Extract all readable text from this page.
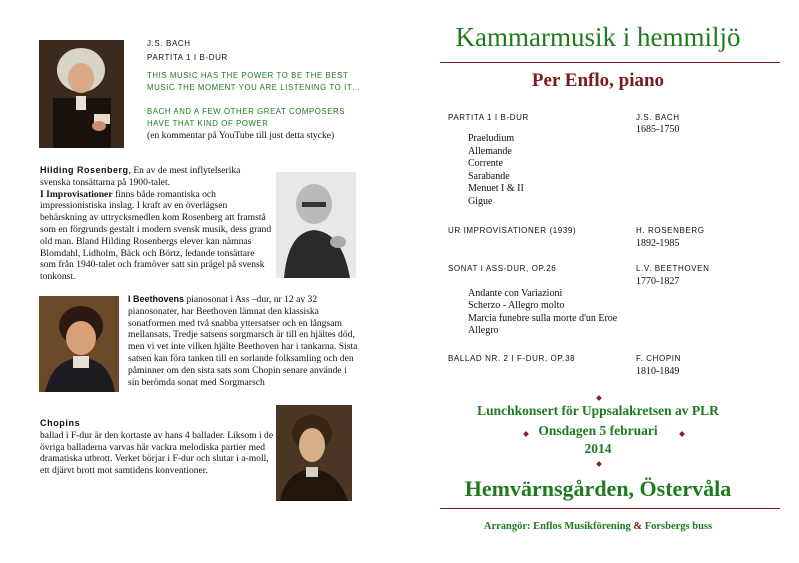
J.S. BACH
PARTITA 1 I B-DUR
THIS MUSIC HAS THE POWER TO BE THE BEST MUSIC THE MOMENT YOU ARE LISTENING TO IT…
BACH AND A FEW OTHER GREAT COMPOSERS HAVE THAT KIND OF POWER
(en kommentar på YouTube till just detta stycke)
Hilding Rosenberg, En av de mest inflytelserika svenska tonsättarna på 1900-talet.
I Improvisationer finns både romantiska och impressionistiska inslag. I kraft av en överlägsen behärskning av uttrycksmedlen kom Rosenberg att framstå som en förgrunds gestalt i modern svensk musik, dess grand old man. Bland Hilding Rosenbergs elever kan nämnas Blomdahl, Lidholm, Bäck och Börtz, ledande tonsättare som från 1940-talet och framöver satt sin prägel på svensk tonkonst.
I Beethovens pianosonat i Ass –dur, nr 12 av 32 pianosonater, har Beethoven lämnat den klassiska sonatformen med två snabba yttersatser och en långsam mellansats. Tredje satsens sorgmarsch är till en hjältes död, men vi vet inte vilken hjälte Beethoven har i tankarna. Sista satsen kan föra tanken till en sorlande folksamling och den påminner om den sista sats som Chopin senare använde i sin berömda sonat med Sorgmarsch
Chopins
ballad i F-dur är den kortaste av hans 4 ballader. Liksom i de övriga balladerna varvas här vackra melodiska partier med dramatiska utbrott. Verket börjar i F-dur och slutar i a-moll, ett djärvt brott mot samtidens konventioner.
Kammarmusik i hemmiljö
Per Enflo, piano
PARTITA 1 I B-DUR	J.S. BACH
1685-1750
Praeludium
Allemande
Corrente
Sarabande
Menuet I & II
Gigue
UR IMPROVISATIONER (1939)	H. ROSENBERG
1892-1985
SONAT I ASS-DUR, OP.26	L.V. BEETHOVEN
1770-1827
Andante con Variazioni
Scherzo - Allegro molto
Marcia funebre sulla morte d'un Eroe
Allegro
BALLAD NR. 2 I F-DUR, OP.38	F. CHOPIN
1810-1849
Lunchkonsert för Uppsalakretsen av PLR
Onsdagen 5 februari
2014
Hemvärnsgården, Östervåla
Arrangör: Enflos Musikförening & Forsbergs buss
